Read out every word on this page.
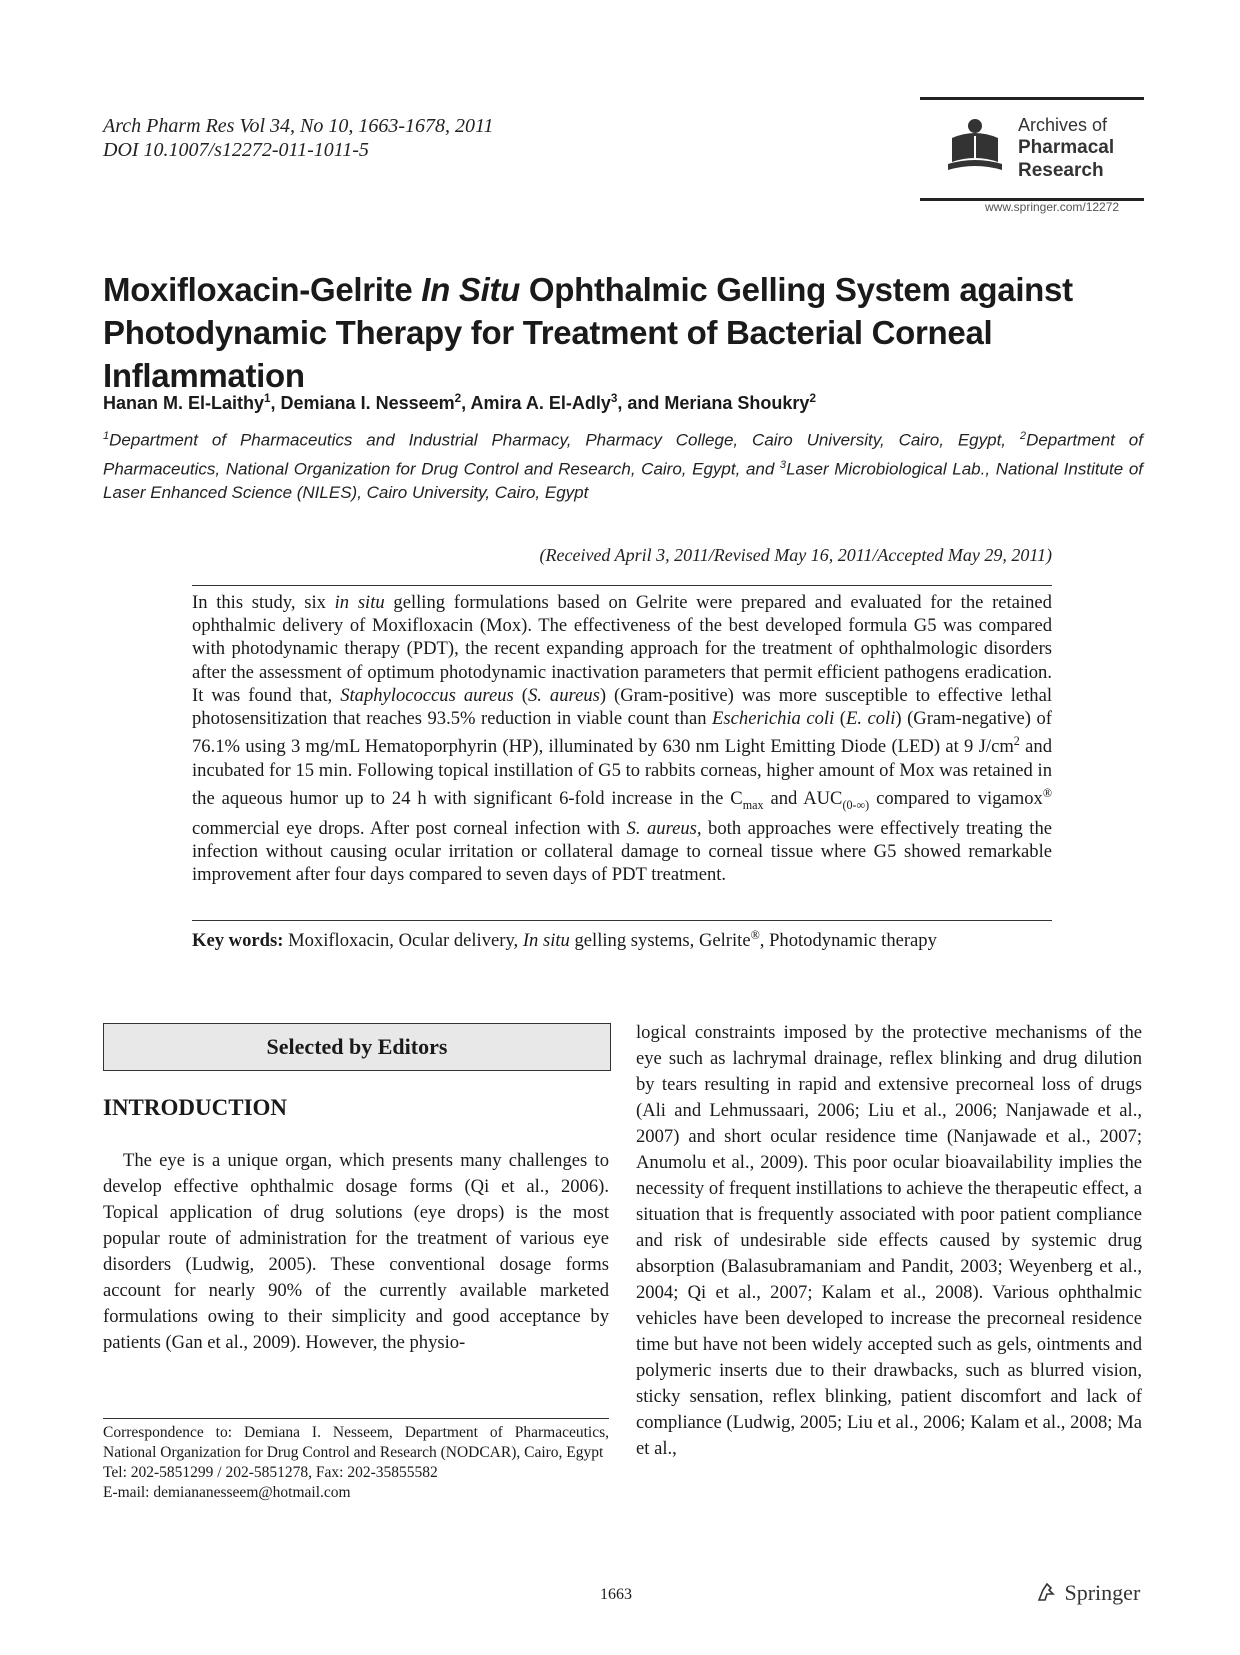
Arch Pharm Res Vol 34, No 10, 1663-1678, 2011
DOI 10.1007/s12272-011-1011-5
Archives of
Pharmacal
Research
www.springer.com/12272
Moxifloxacin-Gelrite In Situ Ophthalmic Gelling System against Photodynamic Therapy for Treatment of Bacterial Corneal Inflammation
Hanan M. El-Laithy$^1$, Demiana I. Nesseem$^2$, Amira A. El-Adly$^3$, and Meriana Shoukry$^2$
$^1$Department of Pharmaceutics and Industrial Pharmacy, Pharmacy College, Cairo University, Cairo, Egypt, $^2$Department of Pharmaceutics, National Organization for Drug Control and Research, Cairo, Egypt, and $^3$Laser Microbiological Lab., National Institute of Laser Enhanced Science (NILES), Cairo University, Cairo, Egypt
(Received April 3, 2011/Revised May 16, 2011/Accepted May 29, 2011)
In this study, six in situ gelling formulations based on Gelrite were prepared and evaluated for the retained ophthalmic delivery of Moxifloxacin (Mox). The effectiveness of the best developed formula G5 was compared with photodynamic therapy (PDT), the recent expanding approach for the treatment of ophthalmologic disorders after the assessment of optimum photodynamic inactivation parameters that permit efficient pathogens eradication. It was found that, Staphylococcus aureus (S. aureus) (Gram-positive) was more susceptible to effective lethal photosensitization that reaches 93.5% reduction in viable count than Escherichia coli (E. coli) (Gram-negative) of 76.1% using 3 mg/mL Hematoporphyrin (HP), illuminated by 630 nm Light Emitting Diode (LED) at 9 $J/cm^2$ and incubated for 15 min. Following topical instillation of G5 to rabbits corneas, higher amount of Mox was retained in the aqueous humor up to 24 h with significant 6-fold increase in the $C_{max}$ and $AUC_{(0-\infty)}$ compared to vigamox® commercial eye drops. After post corneal infection with S. aureus, both approaches were effectively treating the infection without causing ocular irritation or collateral damage to corneal tissue where G5 showed remarkable improvement after four days compared to seven days of PDT treatment.
Key words: Moxifloxacin, Ocular delivery, In situ gelling systems, Gelrite®, Photodynamic therapy
Selected by Editors
INTRODUCTION
The eye is a unique organ, which presents many challenges to develop effective ophthalmic dosage forms (Qi et al., 2006). Topical application of drug solutions (eye drops) is the most popular route of administration for the treatment of various eye disorders (Ludwig, 2005). These conventional dosage forms account for nearly 90% of the currently available marketed formulations owing to their simplicity and good acceptance by patients (Gan et al., 2009). However, the physio-
logical constraints imposed by the protective mechanisms of the eye such as lachrymal drainage, reflex blinking and drug dilution by tears resulting in rapid and extensive precorneal loss of drugs (Ali and Lehmussaari, 2006; Liu et al., 2006; Nanjawade et al., 2007) and short ocular residence time (Nanjawade et al., 2007; Anumolu et al., 2009). This poor ocular bioavailability implies the necessity of frequent instillations to achieve the therapeutic effect, a situation that is frequently associated with poor patient compliance and risk of undesirable side effects caused by systemic drug absorption (Balasubramaniam and Pandit, 2003; Weyenberg et al., 2004; Qi et al., 2007; Kalam et al., 2008). Various ophthalmic vehicles have been developed to increase the precorneal residence time but have not been widely accepted such as gels, ointments and polymeric inserts due to their drawbacks, such as blurred vision, sticky sensation, reflex blinking, patient discomfort and lack of compliance (Ludwig, 2005; Liu et al., 2006; Kalam et al., 2008; Ma et al.,
Correspondence to: Demiana I. Nesseem, Department of Pharmaceutics, National Organization for Drug Control and Research (NODCAR), Cairo, Egypt
Tel: 202-5851299 / 202-5851278, Fax: 202-35855582
E-mail: demiananesseem@hotmail.com
1663	Springer
